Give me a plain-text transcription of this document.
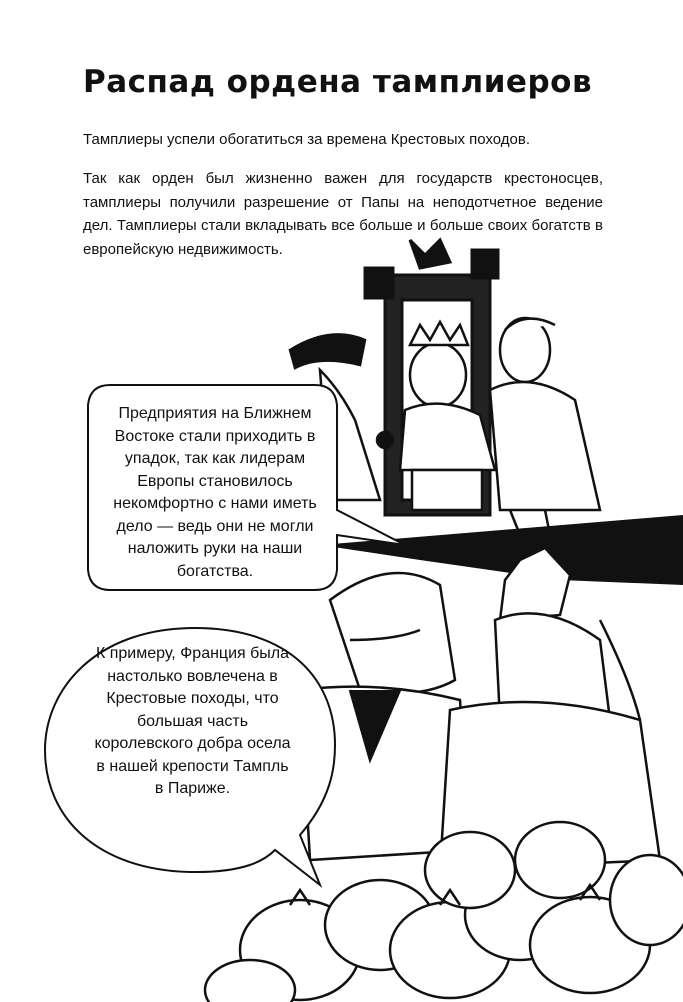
Распад ордена тамплиеров

Тамплиеры успели обогатиться за времена Крестовых походов.

Так как орден был жизненно важен для государств крестоносцев, тамплиеры получили разрешение от Папы на неподотчетное ведение дел. Тамплиеры стали вкладывать все больше и больше своих богатств в европейскую недвижимость.

Предприятия на Ближнем Востоке стали приходить в упадок, так как лидерам Европы становилось некомфортно с нами иметь дело — ведь они не могли наложить руки на наши богатства.
К примеру, Франция была настолько вовлечена в Крестовые походы, что большая часть королевского добра осела в нашей крепости Тампль в Париже.
